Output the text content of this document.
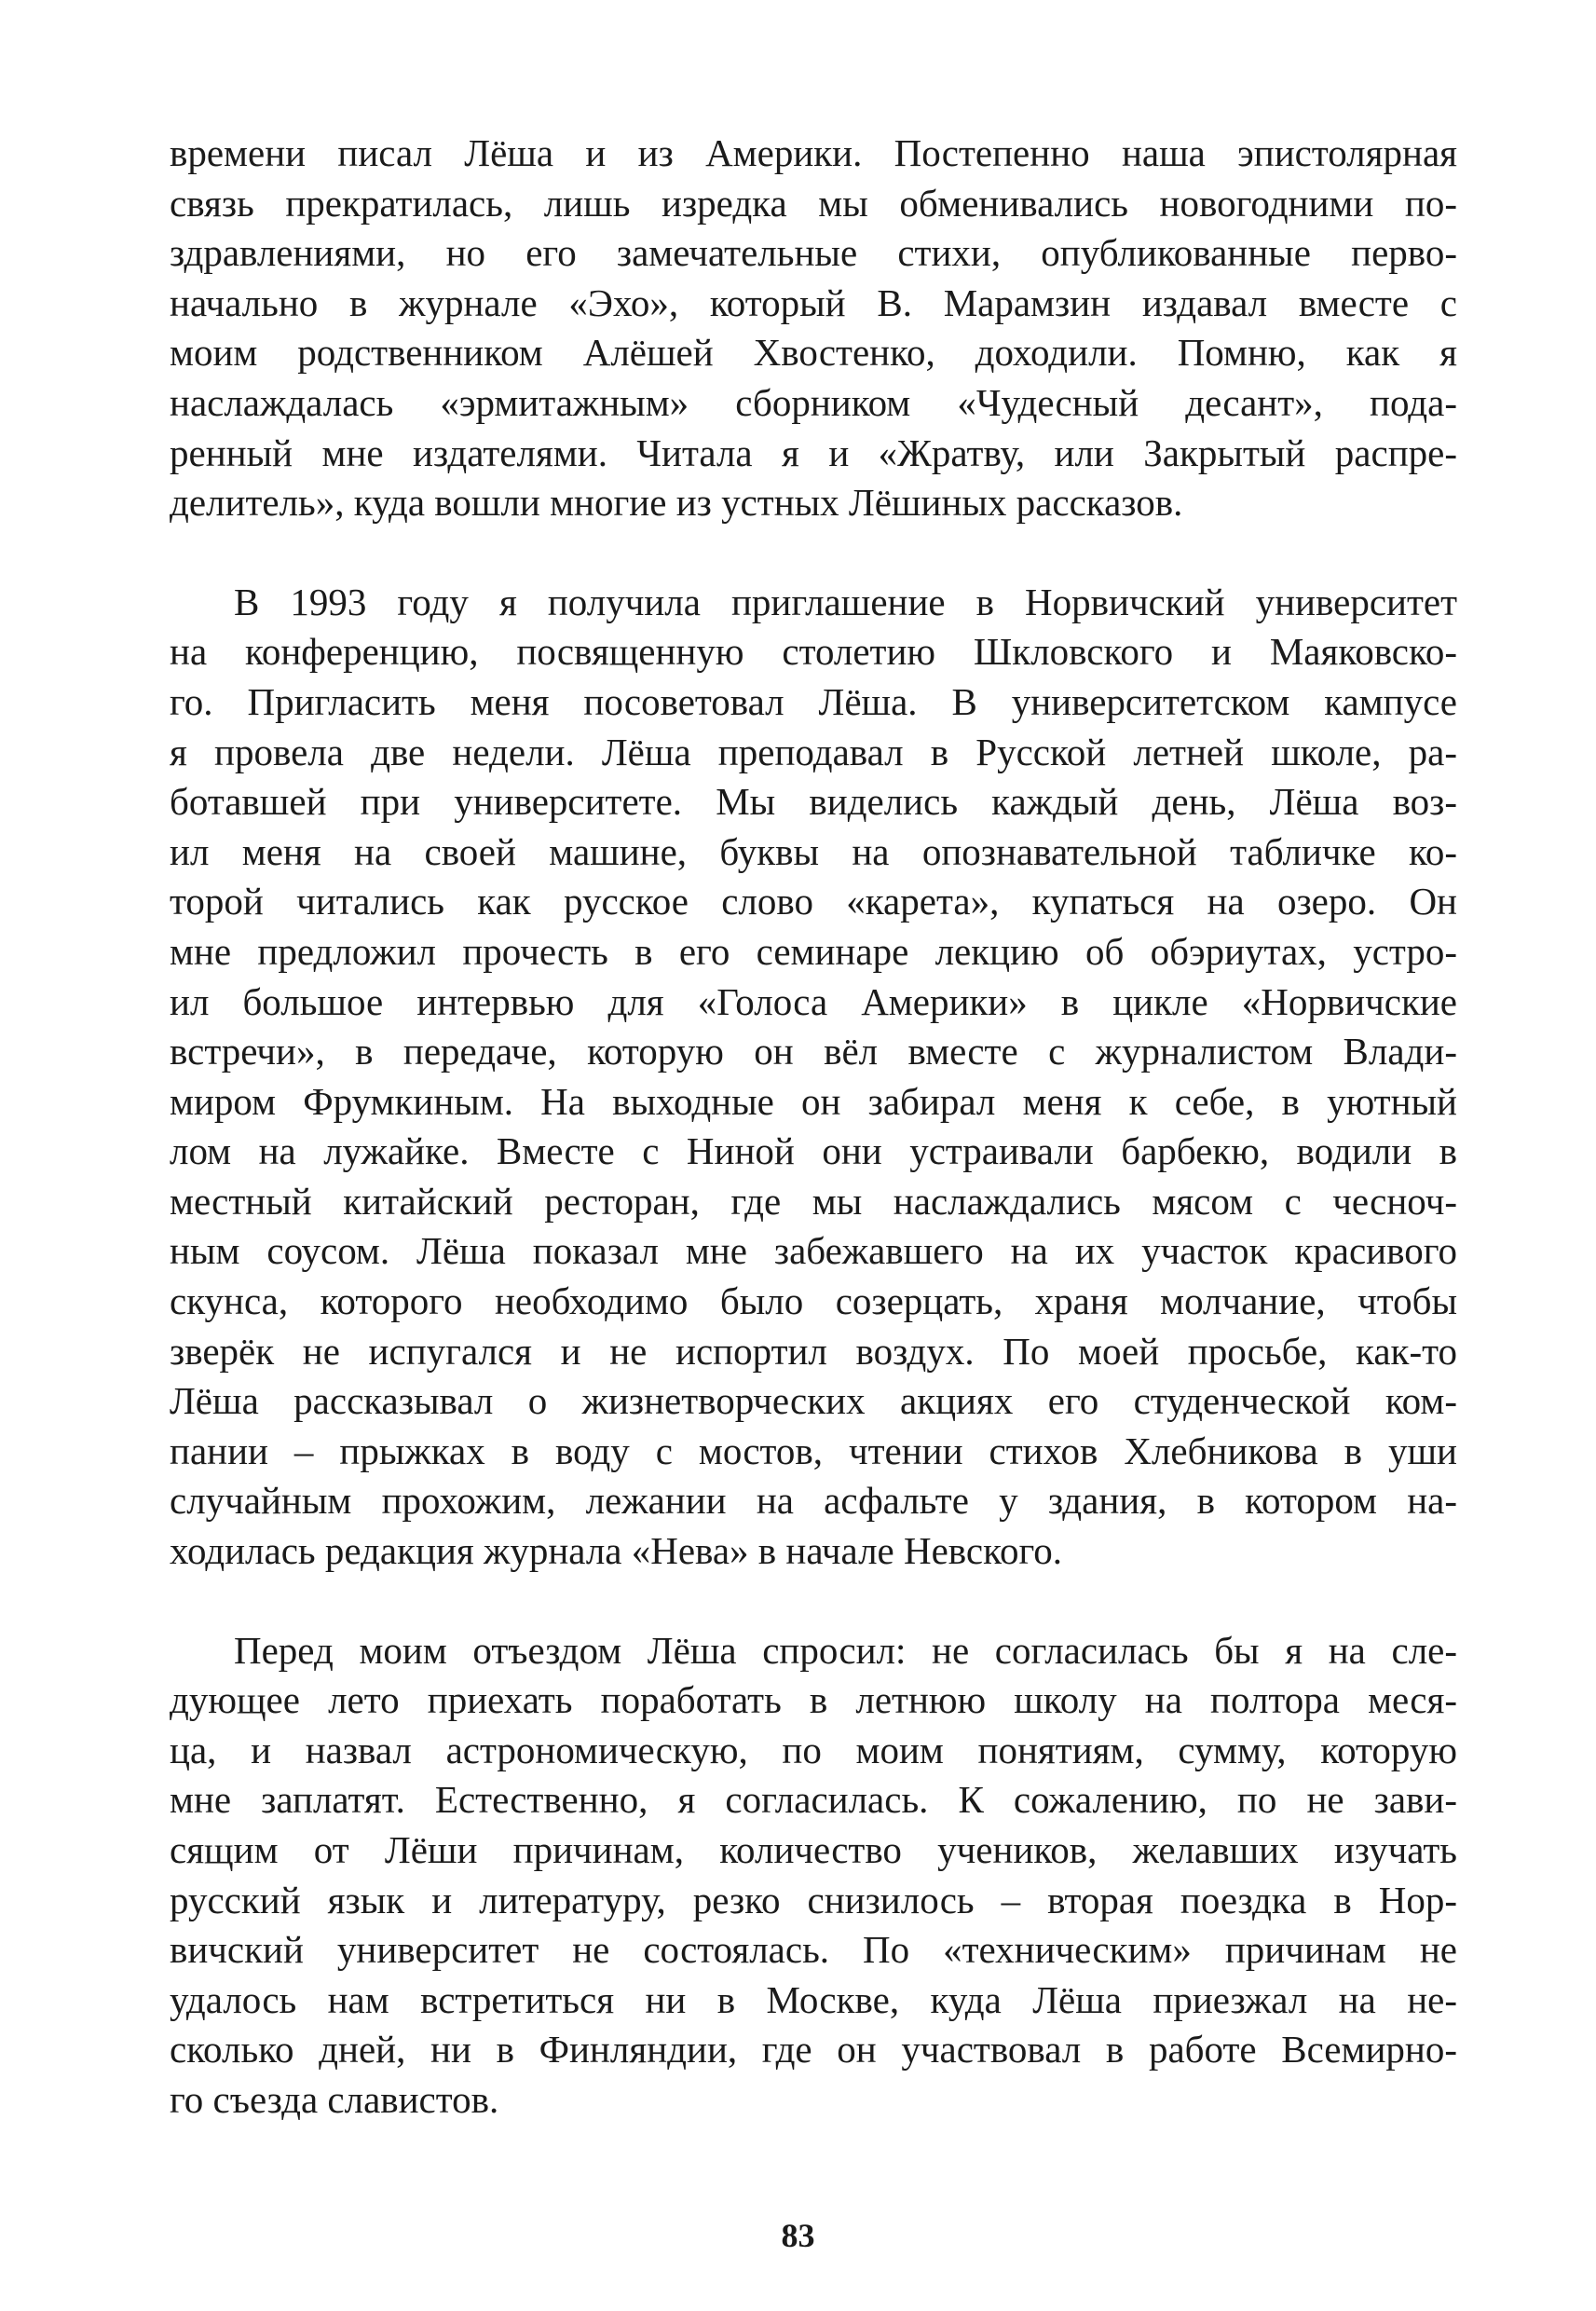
времени писал Лёша и из Америки. Постепенно наша эпистолярная
связь прекратилась, лишь изредка мы обменивались новогодними по-
здравлениями, но его замечательные стихи, опубликованные перво-
начально в журнале «Эхо», который В. Марамзин издавал вместе с
моим родственником Алёшей Хвостенко, доходили. Помню, как я
наслаждалась «эрмитажным» сборником «Чудесный десант», пода-
ренный мне издателями. Читала я и «Жратву, или Закрытый распре-
делитель», куда вошли многие из устных Лёшиных рассказов.

В 1993 году я получила приглашение в Норвичский университет
на конференцию, посвященную столетию Шкловского и Маяковско-
го. Пригласить меня посоветовал Лёша. В университетском кампусе
я провела две недели. Лёша преподавал в Русской летней школе, ра-
ботавшей при университете. Мы виделись каждый день, Лёша воз-
ил меня на своей машине, буквы на опознавательной табличке ко-
торой читались как русское слово «карета», купаться на озеро. Он
мне предложил прочесть в его семинаре лекцию об обэриутах, устро-
ил большое интервью для «Голоса Америки» в цикле «Норвичские
встречи», в передаче, которую он вёл вместе с журналистом Влади-
миром Фрумкиным. На выходные он забирал меня к себе, в уютный
лом на лужайке. Вместе с Ниной они устраивали барбекю, водили в
местный китайский ресторан, где мы наслаждались мясом с чесноч-
ным соусом. Лёша показал мне забежавшего на их участок красивого
скунса, которого необходимо было созерцать, храня молчание, чтобы
зверёк не испугался и не испортил воздух. По моей просьбе, как-то
Лёша рассказывал о жизнетворческих акциях его студенческой ком-
пании – прыжках в воду с мостов, чтении стихов Хлебникова в уши
случайным прохожим, лежании на асфальте у здания, в котором на-
ходилась редакция журнала «Нева» в начале Невского.

Перед моим отъездом Лёша спросил: не согласилась бы я на сле-
дующее лето приехать поработать в летнюю школу на полтора меся-
ца, и назвал астрономическую, по моим понятиям, сумму, которую
мне заплатят. Естественно, я согласилась. К сожалению, по не зави-
сящим от Лёши причинам, количество учеников, желавших изучать
русский язык и литературу, резко снизилось – вторая поездка в Нор-
вичский университет не состоялась. По «техническим» причинам не
удалось нам встретиться ни в Москве, куда Лёша приезжал на не-
сколько дней, ни в Финляндии, где он участвовал в работе Всемирно-
го съезда славистов.

83
